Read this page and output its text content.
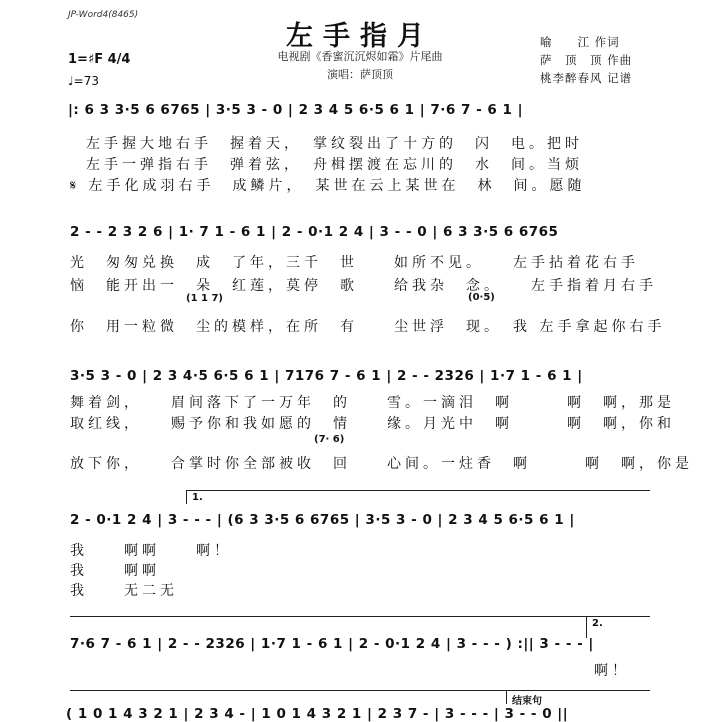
JP-Word4(8465)
左手指月
电视剧《香蜜沉沉烬如霜》片尾曲
演唱：萨顶顶
喻　　江 作词
萨　顶　顶 作曲
桃李醉春风 记谱
1=♯F 4/4
♩=73
|: 6 3 3·5 6 6765 | 3·5 3 - 0 | 2 3 4 5 6·5 6 1 | 7·6 7 - 6 1 |
左手握大地右手　握着天，　掌纹裂出了十方的　闪　电。把时
左手一弹指右手　弹着弦，　舟楫摆渡在忘川的　水　间。当烦
𝄋 左手化成羽右手　成鳞片，　某世在云上某世在　林　间。愿随
2 - - 2 3 2 6 | 1· 7 1 - 6 1 | 2 - 0·1 2 4 | 3 - - 0 | 6 3 3·5 6 6765
光　匆匆兑换　成　了年，三千　世　　如所不见。　　左手拈着花右手
恼　能开出一　朵　红莲，莫停　歌　　给我杂　念。　　左手指着月右手
(1 1 7)	(0·5)
你　用一粒微　尘的模样，在所　有　　尘世浮　现。　我 左手拿起你右手
3·5 3 - 0 | 2 3 4·5 6·5 6 1 | 7176 7 - 6 1 | 2 - - 2326 | 1·7 1 - 6 1 |
舞着剑，　　眉间落下了一万年　的　　雪。一滴泪　啊　　　啊　啊，那是
取红线，　　赐予你和我如愿的　情　　缘。月光中　啊　　　啊　啊，你和
(7· 6)
放下你，　　合掌时你全部被收　回　　心间。一炷香　啊　　　啊　啊，你是
1.
2 - 0·1 2 4 | 3 - - - | (6 3 3·5 6 6765 | 3·5 3 - 0 | 2 3 4 5 6·5 6 1 |
我　　啊啊　　啊！
我　　啊啊
我　　无二无
2.
7·6 7 - 6 1 | 2 - - 2326 | 1·7 1 - 6 1 | 2 - 0·1 2 4 | 3 - - - ) :|| 3 - - - |
啊！
结束句
( 1 0 1 4 3 2 1 | 2 3 4 - | 1 0 1 4 3 2 1 | 2 3 7 - | 3 - - - | 3 - - 0 ||
